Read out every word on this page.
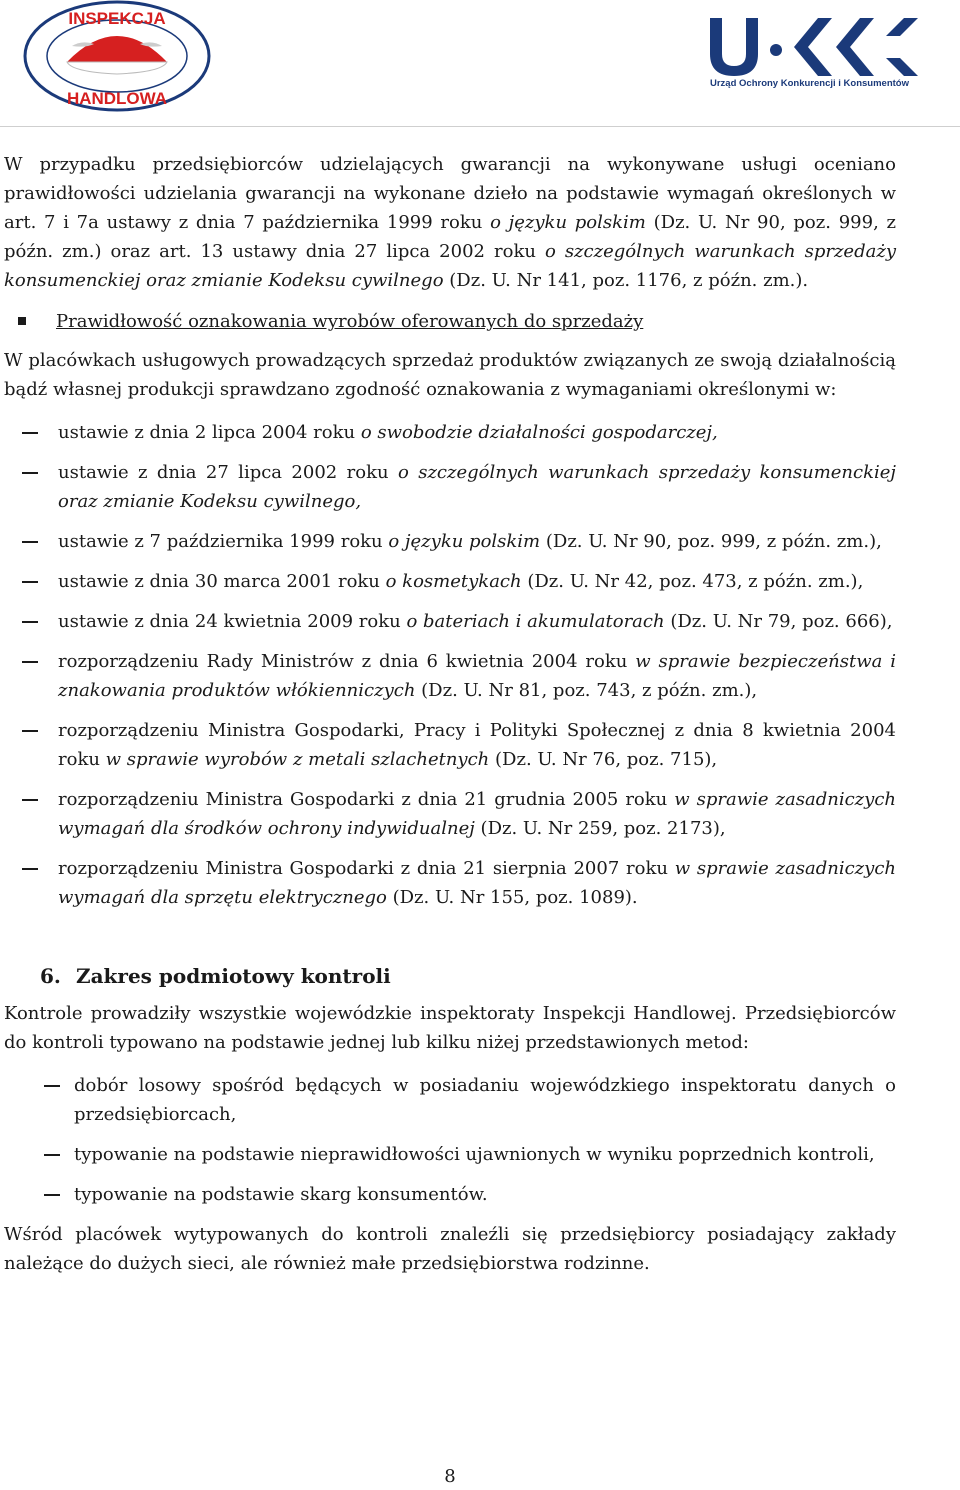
INSPEKCJA
HANDLOWA
Urząd Ochrony Konkurencji i Konsumentów

W przypadku przedsiębiorców udzielających gwarancji na wykonywane usługi oceniano prawidłowości udzielania gwarancji na wykonane dzieło na podstawie wymagań określonych w art. 7 i 7a ustawy z dnia 7 października 1999 roku o języku polskim (Dz. U. Nr 90, poz. 999, z późn. zm.) oraz art. 13 ustawy dnia 27 lipca 2002 roku o szczególnych warunkach sprzedaży konsumenckiej oraz zmianie Kodeksu cywilnego (Dz. U. Nr 141, poz. 1176, z późn. zm.).

Prawidłowość oznakowania wyrobów oferowanych do sprzedaży

W placówkach usługowych prowadzących sprzedaż produktów związanych ze swoją działalnością bądź własnej produkcji sprawdzano zgodność oznakowania z wymaganiami określonymi w:

ustawie z dnia 2 lipca 2004 roku o swobodzie działalności gospodarczej,
ustawie z dnia 27 lipca 2002 roku o szczególnych warunkach sprzedaży konsumenckiej oraz zmianie Kodeksu cywilnego,
ustawie z 7 października 1999 roku o języku polskim (Dz. U. Nr 90, poz. 999, z późn. zm.),
ustawie z dnia 30 marca 2001 roku o kosmetykach (Dz. U. Nr 42, poz. 473, z późn. zm.),
ustawie z dnia 24 kwietnia 2009 roku o bateriach i akumulatorach (Dz. U. Nr 79, poz. 666),
rozporządzeniu Rady Ministrów z dnia 6 kwietnia 2004 roku w sprawie bezpieczeństwa i znakowania produktów włókienniczych (Dz. U. Nr 81, poz. 743, z późn. zm.),
rozporządzeniu Ministra Gospodarki, Pracy i Polityki Społecznej z dnia 8 kwietnia 2004 roku w sprawie wyrobów z metali szlachetnych (Dz. U. Nr 76, poz. 715),
rozporządzeniu Ministra Gospodarki z dnia 21 grudnia 2005 roku w sprawie zasadniczych wymagań dla środków ochrony indywidualnej (Dz. U. Nr 259, poz. 2173),
rozporządzeniu Ministra Gospodarki z dnia 21 sierpnia 2007 roku w sprawie zasadniczych wymagań dla sprzętu elektrycznego (Dz. U. Nr 155, poz. 1089).
6. Zakres podmiotowy kontroli

Kontrole prowadziły wszystkie wojewódzkie inspektoraty Inspekcji Handlowej. Przedsiębiorców do kontroli typowano na podstawie jednej lub kilku niżej przedstawionych metod:

dobór losowy spośród będących w posiadaniu wojewódzkiego inspektoratu danych o przedsiębiorcach,
typowanie na podstawie nieprawidłowości ujawnionych w wyniku poprzednich kontroli,
typowanie na podstawie skarg konsumentów.

Wśród placówek wytypowanych do kontroli znaleźli się przedsiębiorcy posiadający zakłady należące do dużych sieci, ale również małe przedsiębiorstwa rodzinne.

8
